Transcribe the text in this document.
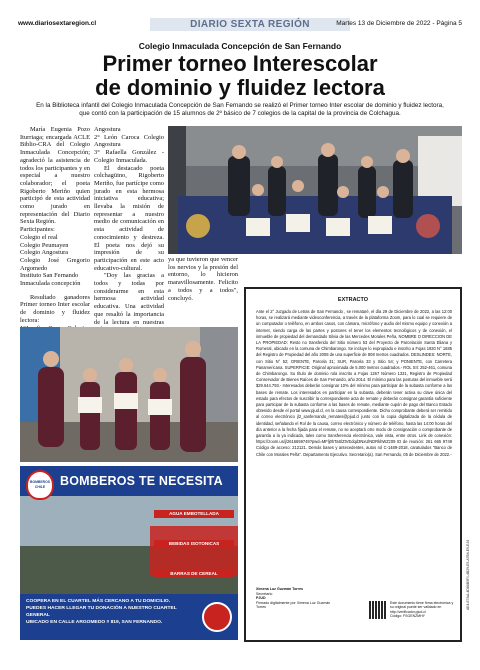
www.diariosextaregion.cl	DIARIO SEXTA REGIÓN	Martes 13 de Diciembre de 2022 - Página 5
Colegio Inmaculada Concepción de San Fernando
Primer torneo Interescolar
de dominio y fluidez lectora
En la Biblioteca infantil del Colegio Inmaculada Concepción de San Fernando se realizó el Primer torneo Inter escolar de dominio y fluidez lectora,
que contó con la participación de 15 alumnos de 2º básico de 7 colegios de la capital de la provincia de Colchagua.

María Eugenia Pozo Iturriaga; encargada ACLE Biblio-CRA del Colegio Inmaculada Concepción; agradeció la asistencia de todos los participantes y en especial a nuestro colaborador; el poeta Rigoberto Meriño quien participó de esta actividad como jurado en representación del Diario Sexta Región.

Participantes:

Colegio el real

Colegio Peumayen

Colegio Angostura

Colegio José Gregorio Argomedo

Instituto San Fernando

Inmaculada concepción

Resultado ganadores Primer torneo Inter escolar de dominio y fluidez lectora:

Angostura

2° León Caroca Colegio Angostura

3° Rafaella González - Colegio Inmaculada.

El destacado poeta colchagüino, Rigoberto Meriño, fue partícipe como jurado en esta hermosa iniciativa educativa; llevaba la misión de representar a nuestro medio de comunicación en esta actividad de conocimiento y destreza. El poeta nos dejó su impresión de su participación en este acto educativo-cultural.

"Doy las gracias a todos y todas por considerarme en esta hermosa actividad educativa. Una actividad que resaltó la importancia de la lectura en nuestras

ya que tuvieron que vencer los nervios y la presión del entorno, lo hicieron maravillosamente. Felicito a todos y a todos", concluyó.

BOMBEROS
CHILE	BOMBEROS TE NECESITA
AGUA EMBOTELLADA
BEBIDAS ISOTONICAS
BARRAS DE CEREAL
COOPERA EN EL CUARTEL MÁS CERCANO A TU DOMICILIO.
PUEDES HACER LLEGAR TU DONACIÓN A NUESTRO CUARTEL GENERAL
UBICADO EN CALLE ARGOMEDO # 819, SAN FERNANDO.
EXTRACTO
Ante el 2° Juzgado de Letras de San Fernando , se remataré, el día 29 de Diciembre de 2022, a las 12:00 horas, se realizará mediante videoconferencia, a través de la plataforma Zoom, para lo cual se requiere de un computador o teléfono, en ambos casos, con cámara, micrófono y audio del mismo equipo y conexión a internet, siendo carga de las partes y postores el tener los elementos tecnológicos y de conexión, el inmueble de propiedad del demandado Silvia de las Mercedes Morales Peña, NOMBRE O DIRECCION DE LA PROPIEDAD: Resto no transferido del Sitio número 53 del Proyecto de Parcelación Santa Eliana y Romeral, ubicado en la comuna de Chimbarongo. Se incluye lo expropiado e inscrito a Fojas 1920 N° 1685 del Registro de Propiedad del año 2008 de una superficie de 808 metros cuadrados. DESLINDES: NORTE, con Sitio N° 52; ORIENTE, Parcela 31; SUR, Parcela 33 y Sitio 54; y PONIENTE, con Carretera Panamericana. SUPERFICIE: Original aproximada de 5.000 metros cuadrados.- ROL SII: 252-461, comuna de Chimbarongo. Su título de dominio rola inscrito a Fojas 1267 Número 1331, Registro de Propiedad Conservador de Bienes Raíces de San Fernando, año 2014. El mínimo para las posturas del inmueble será $29.644.793.- Interesados deberán consignar 10% del mínimo para participar de la subasta conforme a las bases de remate. Los interesados en participar en la subasta, deberán tener activa su clave única del estado para efectos de suscribir la correspondiente acta de remate y deberán consignar garantía suficiente para participar de la subasta conforme a las bases de remate, mediante cupón de pago del Banco Estado obtenido desde el portal www.pjud.cl, en la causa correspondiente. Dicho comprobante deberá ser remitido al correo electrónico jl2_sanfernando_remates@pjud.cl junto con la copia digitalizada de la cédula de identidad, señalando el Rol de la causa, correo electrónico y número de teléfono, hasta las 14:00 horas del día anterior a la fecha fijada para el remate, no se aceptará otro modo de consignación o comprobante de garantía a la ya indicada, tales como transferencia electrónica, vale vista, entre otros. Link de conexión: https://zoom.us/j/2616659749?pwd=MFlj0hTaSlZtVEdqd3NxUlNDRkhWZz09 ID de reunión: 261 665 9749 Código de acceso: 212121. Demás bases y antecedentes, autos rol C-1489-2018, caratulados "Banco de Chile con Morales Peña". Departamento Ejecutivo. Secretario(a). San Fernando, 05 de Diciembre de 2022.-
Ximena Luz Guzmán Torres
Secretario
PJUD
Firmado digitalmente por Ximena Luz Guzmán Torres
Este documento tiene firma electrónica y su original puede ser validado en http://verificador.pjud.cl
Código: FSGENZMHY
AE4-E7AA-4DB8B5F0-4B29-E5-A7B4-E9-EJ4
